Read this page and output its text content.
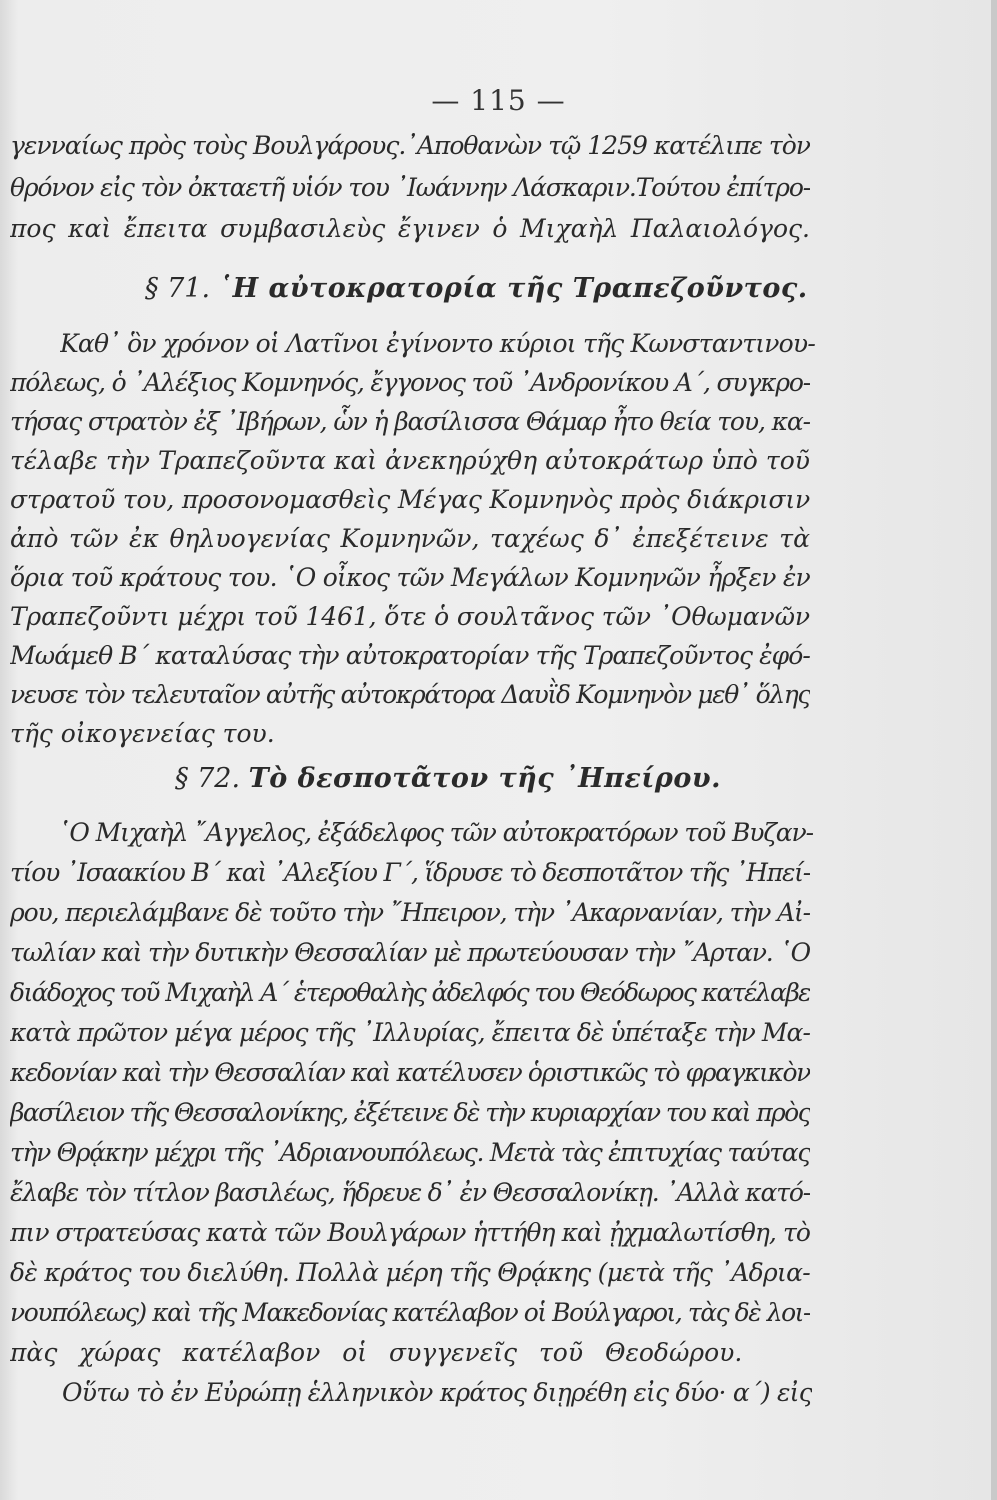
— 115 —
γενναίως πρὸς τοὺς Βουλγάρους.᾿Αποθανὼν τῷ 1259 κατέλιπε τὸν
θρόνον εἰς τὸν ὀκταετῆ υἱόν του ᾿Ιωάννην Λάσκαριν.Τούτου ἐπίτρο-
πος καὶ ἔπειτα συμβασιλεὺς ἔγινεν ὁ Μιχαὴλ Παλαιολόγος.
§ 71. ῾Η αὐτοκρατορία τῆς Τραπεζοῦντος.
Καθ᾿ ὃν χρόνον οἱ Λατῖνοι ἐγίνοντο κύριοι τῆς Κωνσταντινου-
πόλεως, ὁ ᾿Αλέξιος Κομνηνός, ἔγγονος τοῦ ᾿Ανδρονίκου Α΄, συγκρο-
τήσας στρατὸν ἐξ ᾿Ιβήρων, ὧν ἡ βασίλισσα Θάμαρ ἦτο θεία του, κα-
τέλαβε τὴν Τραπεζοῦντα καὶ ἀνεκηρύχθη αὐτοκράτωρ ὑπὸ τοῦ
στρατοῦ του, προσονομασθεὶς Μέγας Κομνηνὸς πρὸς διάκρισιν
ἀπὸ τῶν ἐκ θηλυογενίας Κομνηνῶν, ταχέως δ᾿ ἐπεξέτεινε τὰ
ὅρια τοῦ κράτους του. ῾Ο οἶκος τῶν Μεγάλων Κομνηνῶν ἦρξεν ἐν
Τραπεζοῦντι μέχρι τοῦ 1461, ὅτε ὁ σουλτᾶνος τῶν ᾿Οθωμανῶν
Μωάμεθ Β΄ καταλύσας τὴν αὐτοκρατορίαν τῆς Τραπεζοῦντος ἐφό-
νευσε τὸν τελευταῖον αὐτῆς αὐτοκράτορα Δαυῒδ Κομνηνὸν μεθ᾿ ὅλης
τῆς οἰκογενείας του.
§ 72. Τὸ δεσποτᾶτον τῆς ᾿Ηπείρου.
῾Ο Μιχαὴλ ῎Αγγελος, ἐξάδελφος τῶν αὐτοκρατόρων τοῦ Βυζαν-
τίου ᾿Ισαακίου Β΄ καὶ ᾿Αλεξίου Γ΄, ἵδρυσε τὸ δεσποτᾶτον τῆς ᾿Ηπεί-
ρου, περιελάμβανε δὲ τοῦτο τὴν ῎Ηπειρον, τὴν ᾿Ακαρνανίαν, τὴν Αἰ-
τωλίαν καὶ τὴν δυτικὴν Θεσσαλίαν μὲ πρωτεύουσαν τὴν ῎Αρταν. ῾Ο
διάδοχος τοῦ Μιχαὴλ Α΄ ἑτεροθαλὴς ἀδελφός του Θεόδωρος κατέλαβε
κατὰ πρῶτον μέγα μέρος τῆς ᾿Ιλλυρίας, ἔπειτα δὲ ὑπέταξε τὴν Μα-
κεδονίαν καὶ τὴν Θεσσαλίαν καὶ κατέλυσεν ὁριστικῶς τὸ φραγκικὸν
βασίλειον τῆς Θεσσαλονίκης, ἐξέτεινε δὲ τὴν κυριαρχίαν του καὶ πρὸς
τὴν Θρᾴκην μέχρι τῆς ᾿Αδριανουπόλεως. Μετὰ τὰς ἐπιτυχίας ταύτας
ἔλαβε τὸν τίτλον βασιλέως, ἥδρευε δ᾿ ἐν Θεσσαλονίκῃ. ᾿Αλλὰ κατό-
πιν στρατεύσας κατὰ τῶν Βουλγάρων ἡττήθη καὶ ᾐχμαλωτίσθη, τὸ
δὲ κράτος του διελύθη. Πολλὰ μέρη τῆς Θρᾴκης (μετὰ τῆς ᾿Αδρια-
νουπόλεως) καὶ τῆς Μακεδονίας κατέλαβον οἱ Βούλγαροι, τὰς δὲ λοι-
πὰς χώρας κατέλαβον οἱ συγγενεῖς τοῦ Θεοδώρου.
Οὕτω τὸ ἐν Εὐρώπῃ ἑλληνικὸν κράτος διῃρέθη εἰς δύο· α΄) εἰς
